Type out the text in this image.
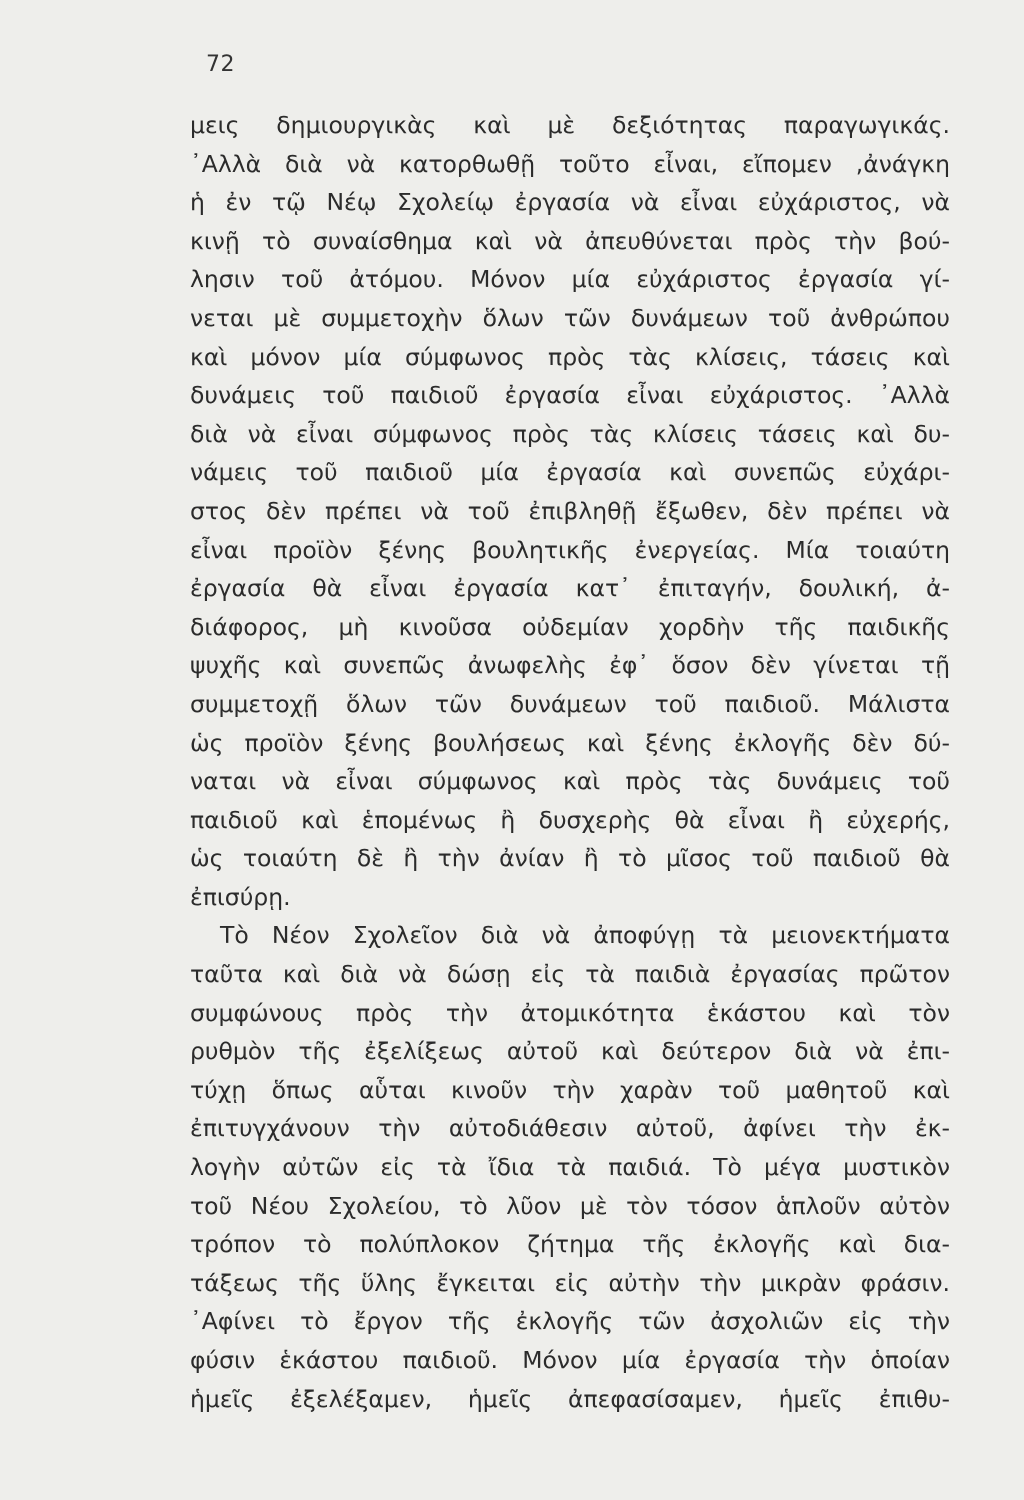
72
μεις δημιουργικὰς καὶ μὲ δεξιότητας παραγωγικάς.
᾿Αλλὰ διὰ νὰ κατορθωθῇ τοῦτο εἶναι, εἴπομεν ,ἀνάγκη
ἡ ἐν τῷ Νέῳ Σχολείῳ ἐργασία νὰ εἶναι εὐχάριστος, νὰ
κινῇ τὸ συναίσθημα καὶ νὰ ἀπευθύνεται πρὸς τὴν βού-
λησιν τοῦ ἀτόμου. Μόνον μία εὐχάριστος ἐργασία γί-
νεται μὲ συμμετοχὴν ὅλων τῶν δυνάμεων τοῦ ἀνθρώπου
καὶ μόνον μία σύμφωνος πρὸς τὰς κλίσεις, τάσεις καὶ
δυνάμεις τοῦ παιδιοῦ ἐργασία εἶναι εὐχάριστος. ᾿Αλλὰ
διὰ νὰ εἶναι σύμφωνος πρὸς τὰς κλίσεις τάσεις καὶ δυ-
νάμεις τοῦ παιδιοῦ μία ἐργασία καὶ συνεπῶς εὐχάρι-
στος δὲν πρέπει νὰ τοῦ ἐπιβληθῇ ἔξωθεν, δὲν πρέπει νὰ
εἶναι προϊὸν ξένης βουλητικῆς ἐνεργείας. Μία τοιαύτη
ἐργασία θὰ εἶναι ἐργασία κατ᾿ ἐπιταγήν, δουλική, ἀ-
διάφορος, μὴ κινοῦσα οὐδεμίαν χορδὴν τῆς παιδικῆς
ψυχῆς καὶ συνεπῶς ἀνωφελὴς ἐφ᾿ ὅσον δὲν γίνεται τῇ
συμμετοχῇ ὅλων τῶν δυνάμεων τοῦ παιδιοῦ. Μάλιστα
ὡς προϊὸν ξένης βουλήσεως καὶ ξένης ἐκλογῆς δὲν δύ-
ναται νὰ εἶναι σύμφωνος καὶ πρὸς τὰς δυνάμεις τοῦ
παιδιοῦ καὶ ἑπομένως ἢ δυσχερὴς θὰ εἶναι ἢ εὐχερής,
ὡς τοιαύτη δὲ ἢ τὴν ἀνίαν ἢ τὸ μῖσος τοῦ παιδιοῦ θὰ
ἐπισύρῃ.
Τὸ Νέον Σχολεῖον διὰ νὰ ἀποφύγῃ τὰ μειονεκτήματα
ταῦτα καὶ διὰ νὰ δώσῃ εἰς τὰ παιδιὰ ἐργασίας πρῶτον
συμφώνους πρὸς τὴν ἀτομικότητα ἑκάστου καὶ τὸν
ρυθμὸν τῆς ἐξελίξεως αὐτοῦ καὶ δεύτερον διὰ νὰ ἐπι-
τύχῃ ὅπως αὗται κινοῦν τὴν χαρὰν τοῦ μαθητοῦ καὶ
ἐπιτυγχάνουν τὴν αὐτοδιάθεσιν αὐτοῦ, ἀφίνει τὴν ἐκ-
λογὴν αὐτῶν εἰς τὰ ἴδια τὰ παιδιά. Τὸ μέγα μυστικὸν
τοῦ Νέου Σχολείου, τὸ λῦον μὲ τὸν τόσον ἁπλοῦν αὐτὸν
τρόπον τὸ πολύπλοκον ζήτημα τῆς ἐκλογῆς καὶ δια-
τάξεως τῆς ὕλης ἔγκειται εἰς αὐτὴν τὴν μικρὰν φράσιν.
᾿Αφίνει τὸ ἔργον τῆς ἐκλογῆς τῶν ἀσχολιῶν εἰς τὴν
φύσιν ἑκάστου παιδιοῦ. Μόνον μία ἐργασία τὴν ὁποίαν
ἡμεῖς ἐξελέξαμεν, ἡμεῖς ἀπεφασίσαμεν, ἡμεῖς ἐπιθυ-
